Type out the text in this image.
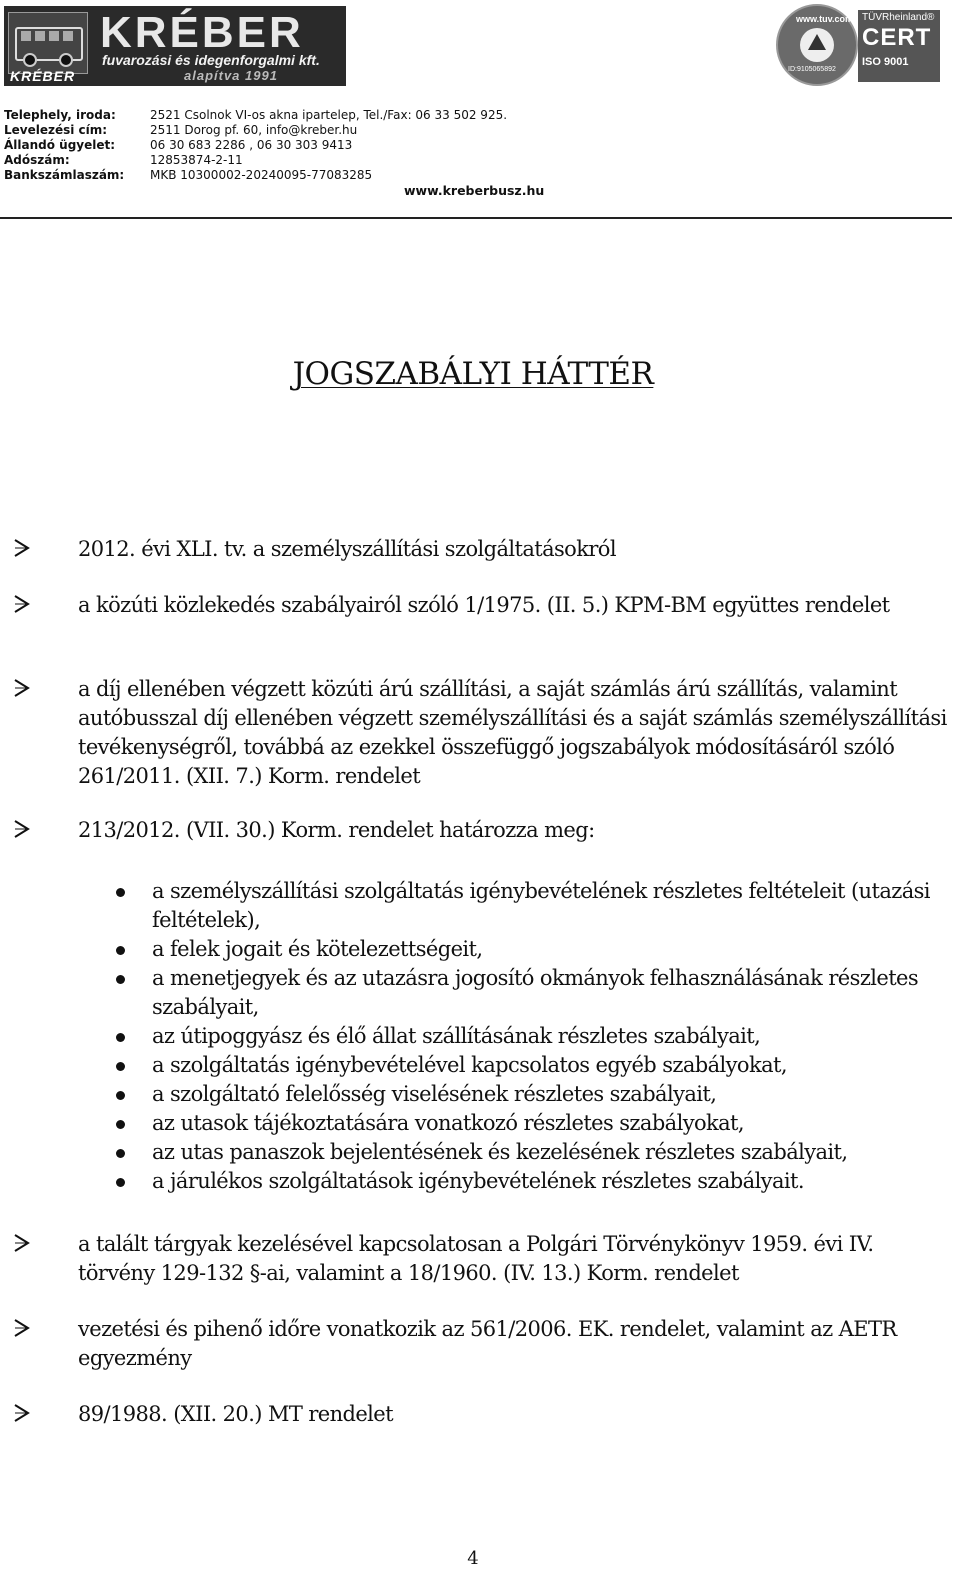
KRÉBER
KRÉBER
fuvarozási és idegenforgalmi kft.
alapítva 1991
www.tuv.com
ID:9105065892
TÜVRheinland®
CERT
ISO 9001
Telephely, iroda:	2521 Csolnok VI-os akna ipartelep, Tel./Fax: 06 33 502 925.
Levelezési cím:	2511 Dorog pf. 60, info@kreber.hu
Állandó ügyelet:	06 30 683 2286 , 06 30 303 9413
Adószám:	12853874-2-11
Bankszámlaszám: MKB 10300002-20240095-77083285
www.kreberbusz.hu
JOGSZABÁLYI HÁTTÉR
2012. évi XLI. tv. a személyszállítási szolgáltatásokról
a közúti közlekedés szabályairól szóló 1/1975. (II. 5.) KPM-BM együttes rendelet
a díj ellenében végzett közúti árú szállítási, a saját számlás árú szállítás, valamint autóbusszal díj ellenében végzett személyszállítási és a saját számlás személyszállítási tevékenységről, továbbá az ezekkel összefüggő jogszabályok módosításáról szóló 261/2011. (XII. 7.) Korm. rendelet
213/2012. (VII. 30.) Korm. rendelet határozza meg:
a személyszállítási szolgáltatás igénybevételének részletes feltételeit (utazási feltételek),
a felek jogait és kötelezettségeit,
a menetjegyek és az utazásra jogosító okmányok felhasználásának részletes szabályait,
az útipoggyász és élő állat szállításának részletes szabályait,
a szolgáltatás igénybevételével kapcsolatos egyéb szabályokat,
a szolgáltató felelősség viselésének részletes szabályait,
az utasok tájékoztatására vonatkozó részletes szabályokat,
az utas panaszok bejelentésének és kezelésének részletes szabályait,
a járulékos szolgáltatások igénybevételének részletes szabályait.
a talált tárgyak kezelésével kapcsolatosan a Polgári Törvénykönyv 1959. évi IV. törvény 129-132 §-ai, valamint a 18/1960. (IV. 13.) Korm. rendelet
vezetési és pihenő időre vonatkozik az 561/2006. EK. rendelet, valamint az AETR egyezmény
89/1988. (XII. 20.) MT rendelet
4
